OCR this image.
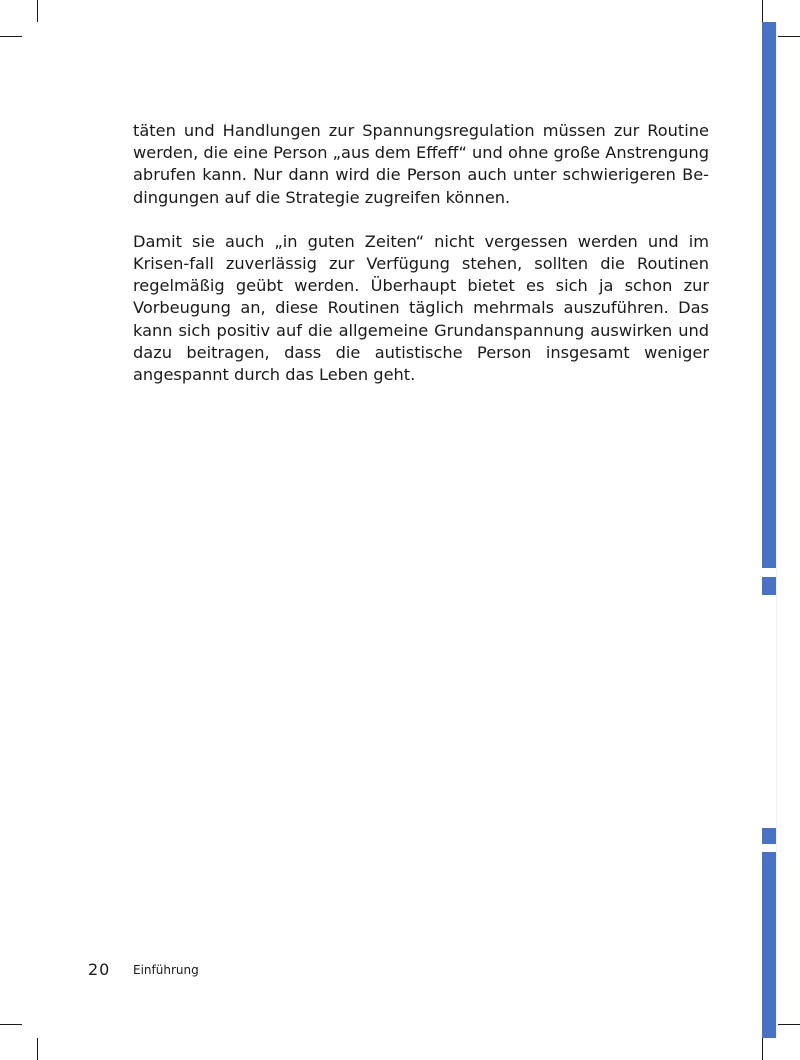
täten und Handlungen zur Spannungsregulation müssen zur Routine werden, die eine Person „aus dem Effeff“ und ohne große Anstrengung abrufen kann. Nur dann wird die Person auch unter schwierigeren Be-dingungen auf die Strategie zugreifen können.

Damit sie auch „in guten Zeiten“ nicht vergessen werden und im Krisen-fall zuverlässig zur Verfügung stehen, sollten die Routinen regelmäßig geübt werden. Überhaupt bietet es sich ja schon zur Vorbeugung an, diese Routinen täglich mehrmals auszuführen. Das kann sich positiv auf die allgemeine Grundanspannung auswirken und dazu beitragen, dass die autistische Person insgesamt weniger angespannt durch das Leben geht.

20 Einführung
